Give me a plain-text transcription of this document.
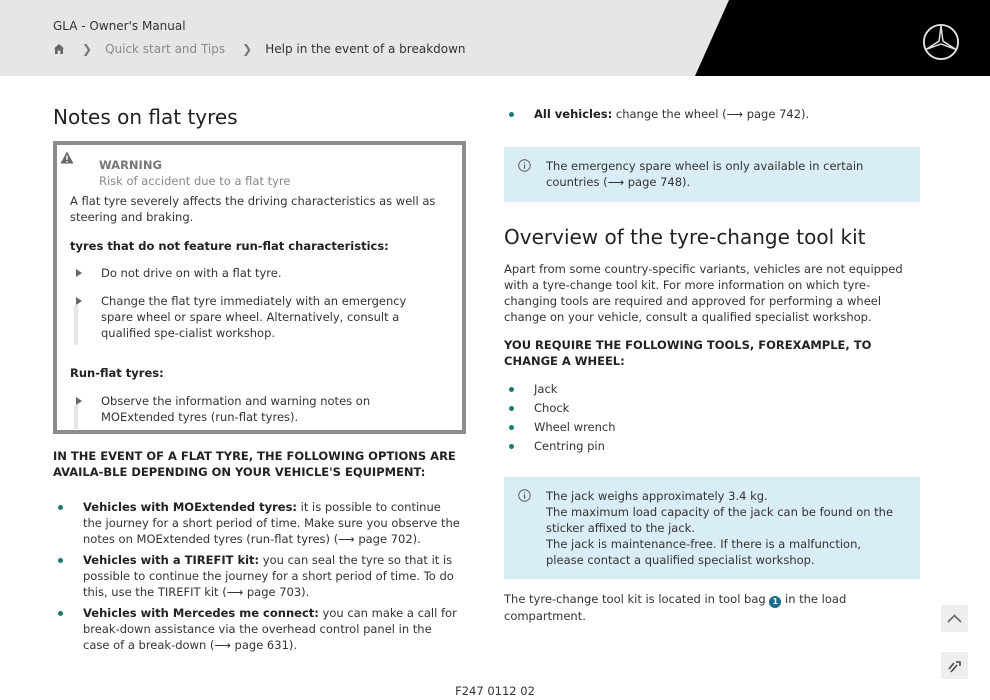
GLA - Owner's Manual
❯ Quick start and Tips ❯ Help in the event of a breakdown
Notes on flat tyres
WARNING
Risk of accident due to a flat tyre
A flat tyre severely affects the driving characteristics as well as steering and braking.
tyres that do not feature run-flat characteristics:
Do not drive on with a flat tyre.
Change the flat tyre immediately with an emergency spare wheel or spare wheel. Alternatively, consult a qualified spe-cialist workshop.
Run-flat tyres:
Observe the information and warning notes on MOExtended tyres (run-flat tyres).
IN THE EVENT OF A FLAT TYRE, THE FOLLOWING OPTIONS ARE AVAILA-BLE DEPENDING ON YOUR VEHICLE'S EQUIPMENT:
Vehicles with MOExtended tyres: it is possible to continue the journey for a short period of time. Make sure you observe the notes on MOExtended tyres (run-flat tyres) (⟶ page 702).
Vehicles with a TIREFIT kit: you can seal the tyre so that it is possible to continue the journey for a short period of time. To do this, use the TIREFIT kit (⟶ page 703).
Vehicles with Mercedes me connect: you can make a call for break-down assistance via the overhead control panel in the case of a break-down (⟶ page 631).
All vehicles: change the wheel (⟶ page 742).
The emergency spare wheel is only available in certain countries (⟶ page 748).
Overview of the tyre-change tool kit
Apart from some country-specific variants, vehicles are not equipped with a tyre-change tool kit. For more information on which tyre-changing tools are required and approved for performing a wheel change on your vehicle, consult a qualified specialist workshop.
YOU REQUIRE THE FOLLOWING TOOLS, FOREXAMPLE, TO CHANGE A WHEEL:
Jack
Chock
Wheel wrench
Centring pin
The jack weighs approximately 3.4 kg.
The maximum load capacity of the jack can be found on the sticker affixed to the jack.
The jack is maintenance-free. If there is a malfunction, please contact a qualified specialist workshop.
The tyre-change tool kit is located in tool bag 1 in the load compartment.
F247 0112 02
